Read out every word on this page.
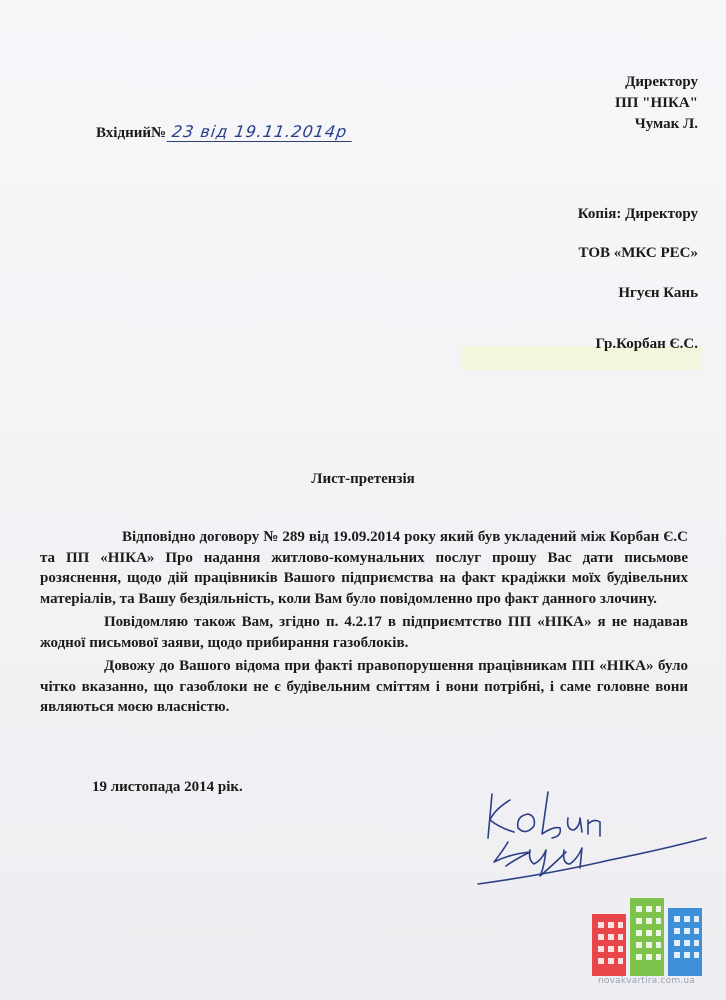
Директору
ПП "НІКА"
Чумак Л.
Вхідний№ 23 від 19.11.2014р
Копія: Директору
ТОВ «МКС РЕС»
Нгуєн Кань
Гр.Корбан Є.С.
Лист-претензія

Відповідно договору № 289 від 19.09.2014 року який був укладений між Корбан Є.С та ПП «НІКА» Про надання житлово-комунальних послуг прошу Вас дати письмове розяснення, щодо дій працівників Вашого підприємства на факт крадіжки моїх будівельних матеріалів, та Вашу бездіяльність, коли Вам було повідомленно про факт данного злочину.

Повідомляю також Вам, згідно п. 4.2.17 в підприємтство ПП «НІКА» я не надавав жодної письмової заяви, щодо прибирання газоблоків.

Довожу до Вашого відома при факті правопорушення працівникам ПП «НІКА» було чітко вказанно, що газоблоки не є будівельним сміттям і вони потрібні, і саме головне вони являються моєю власністю.

19 листопада 2014 рік.
novakvartira.com.ua
